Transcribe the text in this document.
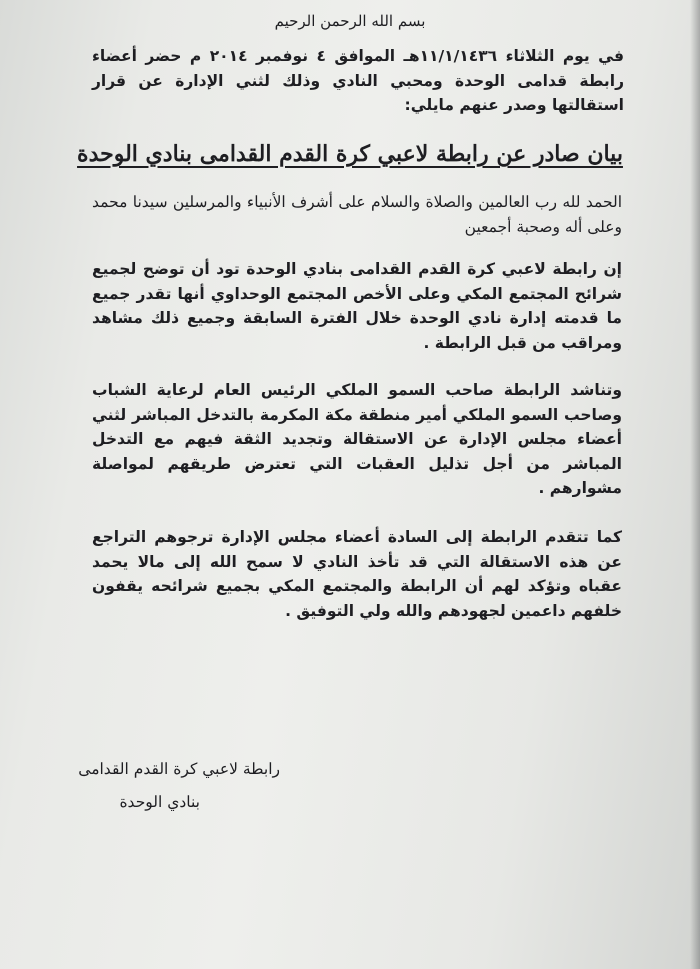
بسم الله الرحمن الرحيم
في يوم الثلاثاء ١١/١/١٤٣٦هـ الموافق ٤ نوفمبر ٢٠١٤ م حضر أعضاء رابطة قدامى الوحدة ومحبي النادي وذلك لثني الإدارة عن قرار استقالتها وصدر عنهم مايلي:
بيان صادر عن رابطة لاعبي كرة القدم القدامى بنادي الوحدة
الحمد لله رب العالمين والصلاة والسلام على أشرف الأنبياء والمرسلين سيدنا محمد وعلى أله وصحبة أجمعين
إن رابطة لاعبي كرة القدم القدامى بنادي الوحدة تود أن توضح لجميع شرائح المجتمع المكي وعلى الأخص المجتمع الوحداوي أنها تقدر جميع ما قدمته إدارة نادي الوحدة خلال الفترة السابقة وجميع ذلك مشاهد ومراقب من قبل الرابطة .
وتناشد الرابطة صاحب السمو الملكي الرئيس العام لرعاية الشباب وصاحب السمو الملكي أمير منطقة مكة المكرمة بالتدخل المباشر لثني أعضاء مجلس الإدارة عن الاستقالة وتجديد الثقة فيهم مع التدخل المباشر من أجل تذليل العقبات التي تعترض طريقهم لمواصلة مشوارهم .
كما تتقدم الرابطة إلى السادة أعضاء مجلس الإدارة ترجوهم التراجع عن هذه الاستقالة التي قد تأخذ النادي لا سمح الله إلى مالا يحمد عقباه وتؤكد لهم أن الرابطة والمجتمع المكي بجميع شرائحه يقفون خلفهم داعمين لجهودهم والله ولي التوفيق .
رابطة لاعبي كرة القدم القدامى
بنادي الوحدة
